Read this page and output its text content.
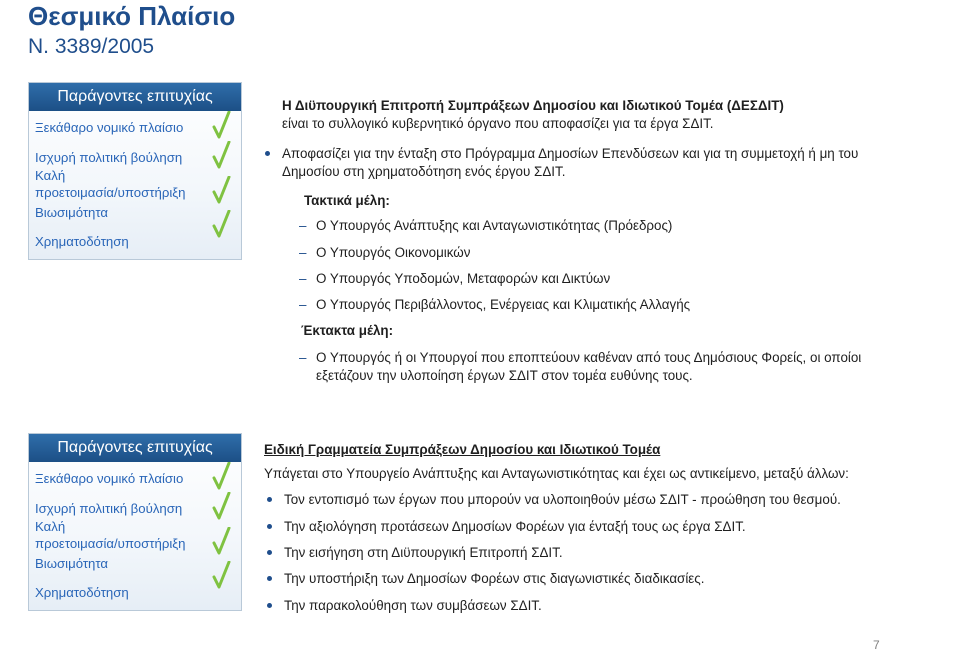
Θεσμικό Πλαίσιο
Ν. 3389/2005
Παράγοντες επιτυχίας
Ξεκάθαρο νομικό πλαίσιο
Ισχυρή πολιτική βούληση
Καλή
προετοιμασία/υποστήριξη
Βιωσιμότητα
Χρηματοδότηση
Παράγοντες επιτυχίας
Ξεκάθαρο νομικό πλαίσιο
Ισχυρή πολιτική βούληση
Καλή
προετοιμασία/υποστήριξη
Βιωσιμότητα
Χρηματοδότηση
Η Διϋπουργική Επιτροπή Συμπράξεων Δημοσίου και Ιδιωτικού Τομέα (ΔΕΣΔΙΤ)
είναι το συλλογικό κυβερνητικό όργανο που αποφασίζει για τα έργα ΣΔΙΤ.
Αποφασίζει για την ένταξη στο Πρόγραμμα Δημοσίων Επενδύσεων και για τη συμμετοχή ή μη του
Δημοσίου στη χρηματοδότηση ενός έργου ΣΔΙΤ.
Τακτικά μέλη:
– Ο Υπουργός Ανάπτυξης και Ανταγωνιστικότητας (Πρόεδρος)
– Ο Υπουργός Οικονομικών
– Ο Υπουργός Υποδομών, Μεταφορών και Δικτύων
– Ο Υπουργός Περιβάλλοντος, Ενέργειας και Κλιματικής Αλλαγής
Έκτακτα μέλη:
– Ο Υπουργός ή οι Υπουργοί που εποπτεύουν καθέναν από τους Δημόσιους Φορείς, οι οποίοι
εξετάζουν την υλοποίηση έργων ΣΔΙΤ στον τομέα ευθύνης τους.
Ειδική Γραμματεία Συμπράξεων Δημοσίου και Ιδιωτικού Τομέα
Υπάγεται στο Υπουργείο Ανάπτυξης και Ανταγωνιστικότητας και έχει ως αντικείμενο, μεταξύ άλλων:
Τον εντοπισμό των έργων που μπορούν να υλοποιηθούν μέσω ΣΔΙΤ - προώθηση του θεσμού.
Την αξιολόγηση προτάσεων Δημοσίων Φορέων για ένταξή τους ως έργα ΣΔΙΤ.
Την εισήγηση στη Διϋπουργική Επιτροπή ΣΔΙΤ.
Την υποστήριξη των Δημοσίων Φορέων στις διαγωνιστικές διαδικασίες.
Την παρακολούθηση των συμβάσεων ΣΔΙΤ.
7
